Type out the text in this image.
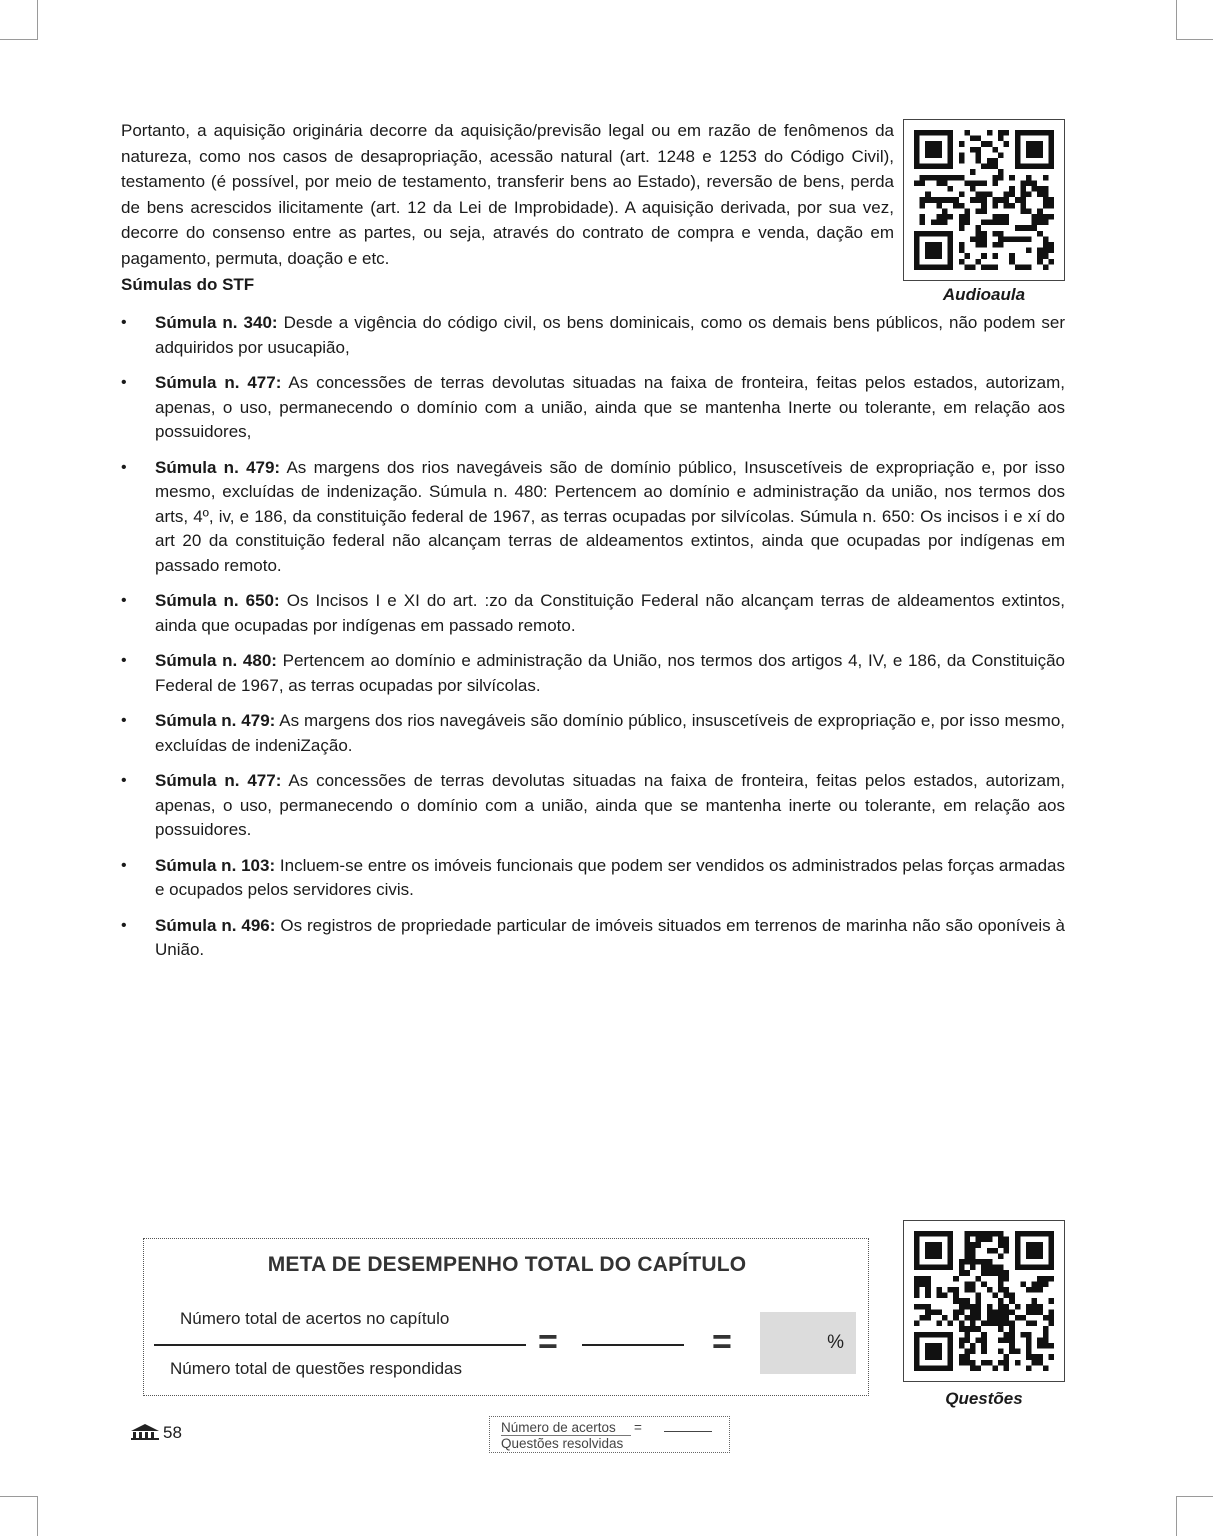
Portanto, a aquisição originária decorre da aquisição/previsão legal ou em razão de fenômenos da natureza, como nos casos de desapropriação, acessão natural (art. 1248 e 1253 do Código Civil), testamento (é possível, por meio de testamento, transferir bens ao Estado), reversão de bens, perda de bens acrescidos ilicitamente (art. 12 da Lei de Improbidade). A aquisição derivada, por sua vez, decorre do consenso entre as partes, ou seja, através do contrato de compra e venda, dação em pagamento, permuta, doação e etc.

Audioaula

Súmulas do STF

• Súmula n. 340: Desde a vigência do código civil, os bens dominicais, como os demais bens públicos, não podem ser adquiridos por usucapião,
• Súmula n. 477: As concessões de terras devolutas situadas na faixa de fronteira, feitas pelos estados, autorizam, apenas, o uso, permanecendo o domínio com a união, ainda que se mantenha Inerte ou tolerante, em relação aos possuidores,
• Súmula n. 479: As margens dos rios navegáveis são de domínio público, Insuscetíveis de expropriação e, por isso mesmo, excluídas de indenização. Súmula n. 480: Pertencem ao domínio e administração da união, nos termos dos arts, 4º, iv, e 186, da constituição federal de 1967, as terras ocupadas por silvícolas. Súmula n. 650: Os incisos i e xí do art 20 da constituição federal não alcançam terras de aldeamentos extintos, ainda que ocupadas por indígenas em passado remoto.
• Súmula n. 650: Os Incisos I e XI do art. :zo da Constituição Federal não alcançam terras de aldeamentos extintos, ainda que ocupadas por indígenas em passado remoto.
• Súmula n. 480: Pertencem ao domínio e administração da União, nos termos dos artigos 4, IV, e 186, da Constituição Federal de 1967, as terras ocupadas por silvícolas.
• Súmula n. 479: As margens dos rios navegáveis são domínio público, insuscetíveis de expropriação e, por isso mesmo, excluídas de indeniZação.
• Súmula n. 477: As concessões de terras devolutas situadas na faixa de fronteira, feitas pelos estados, autorizam, apenas, o uso, permanecendo o domínio com a união, ainda que se mantenha inerte ou tolerante, em relação aos possuidores.
• Súmula n. 103: Incluem-se entre os imóveis funcionais que podem ser vendidos os administrados pelas forças armadas e ocupados pelos servidores civis.
• Súmula n. 496: Os registros de propriedade particular de imóveis situados em terrenos de marinha não são oponíveis à União.
META DE DESEMPENHO TOTAL DO CAPÍTULO
Número total de acertos no capítulo
Número total de questões respondidas
=	=	%
Questões
58	Número de acertos
Questões resolvidas
=
